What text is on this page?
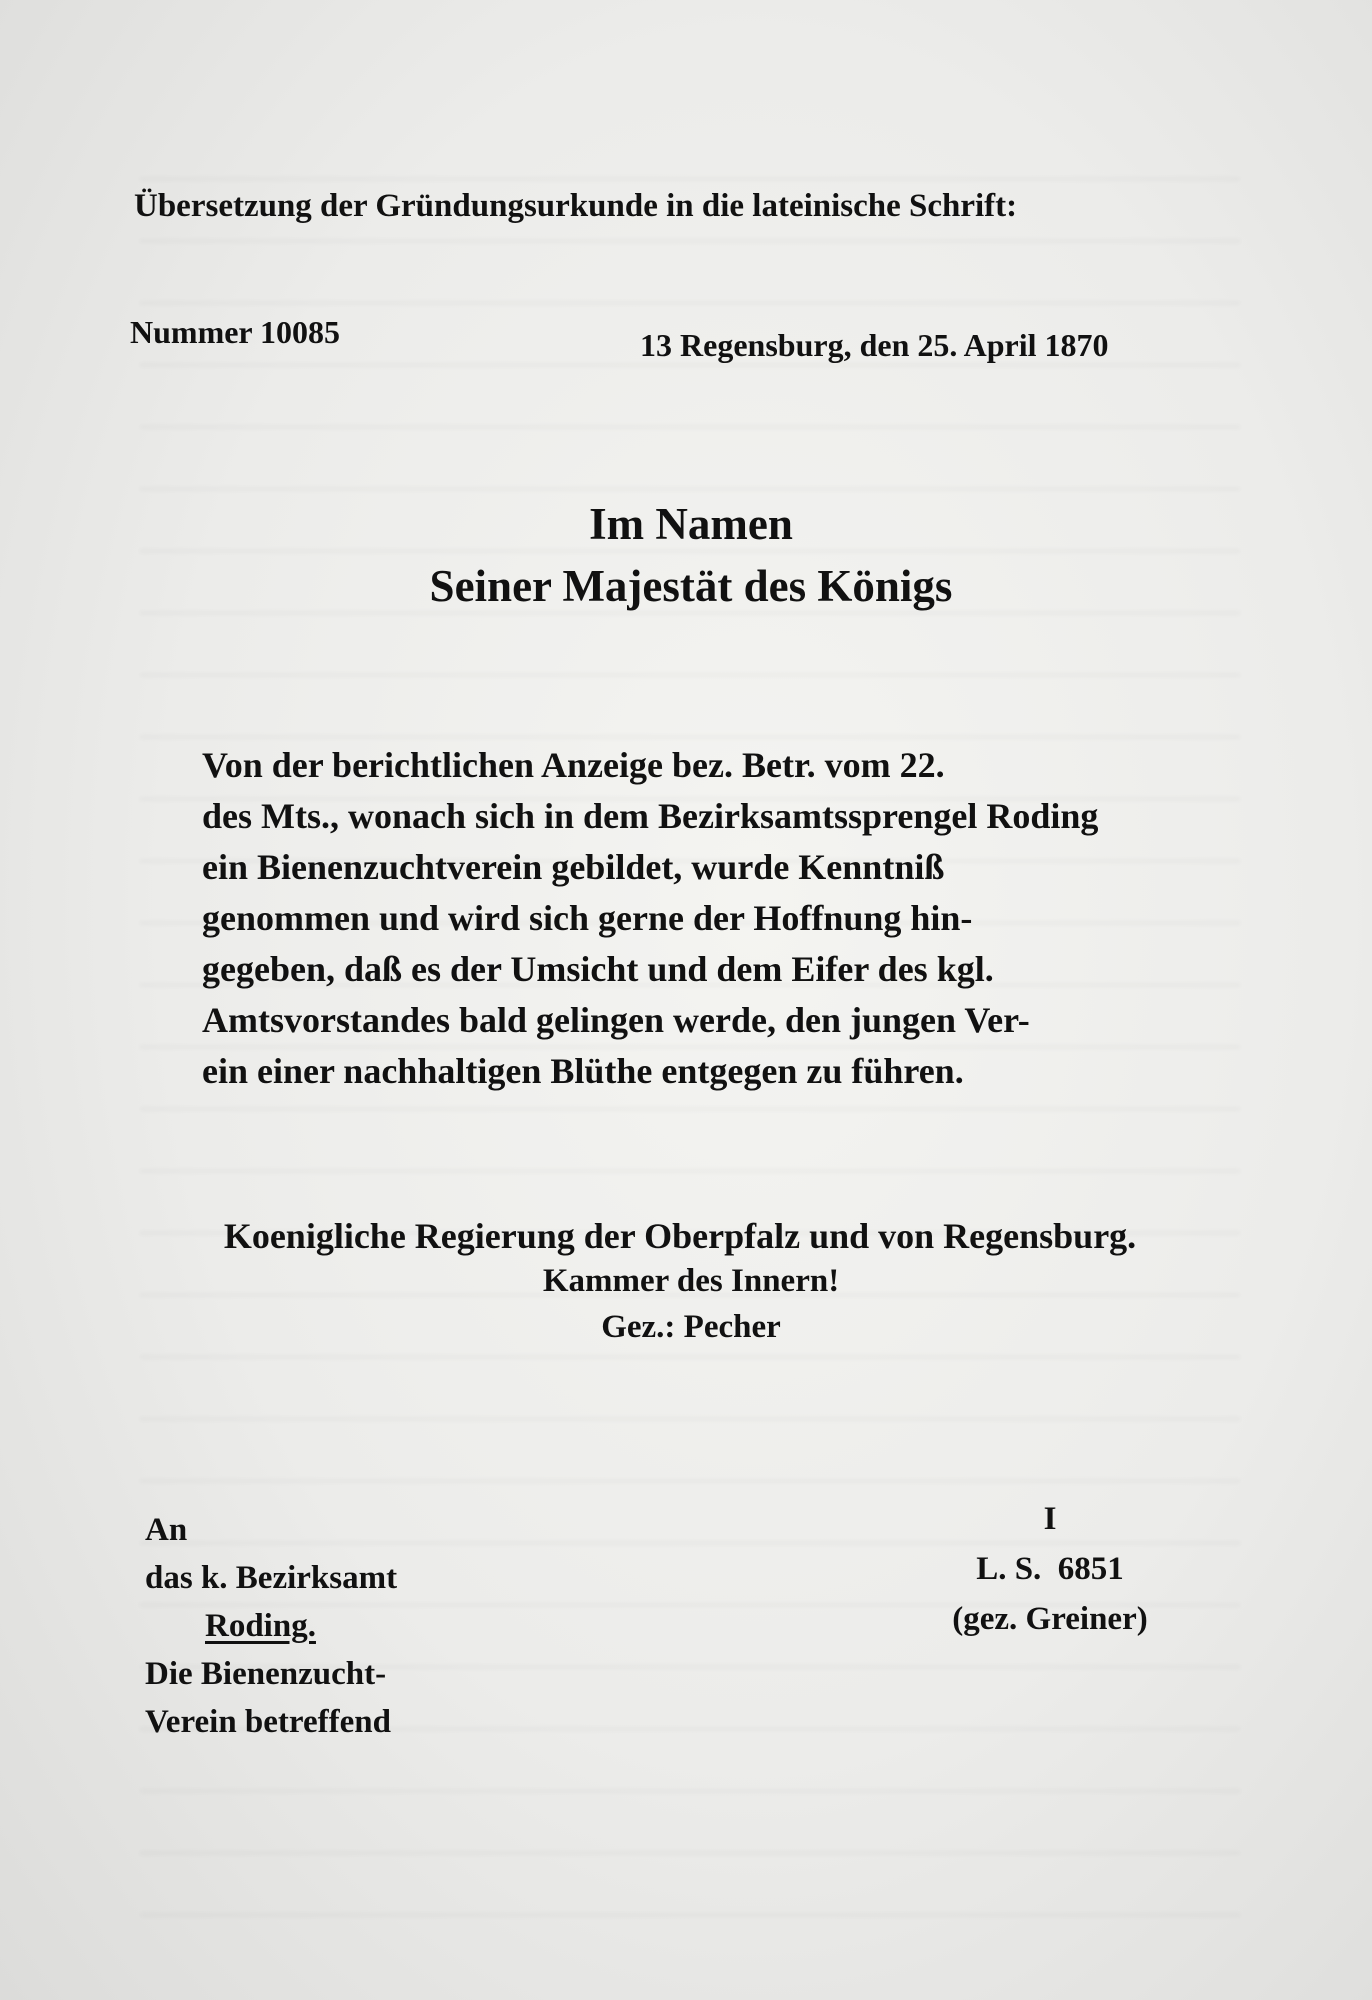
Übersetzung der Gründungsurkunde in die lateinische Schrift:
Nummer 10085	13 Regensburg, den 25. April 1870
Im Namen
Seiner Majestät des Königs
Von der berichtlichen Anzeige bez. Betr. vom 22.
des Mts., wonach sich in dem Bezirksamtssprengel Roding
ein Bienenzuchtverein gebildet, wurde Kenntniß
genommen und wird sich gerne der Hoffnung hin-
gegeben, daß es der Umsicht und dem Eifer des kgl.
Amtsvorstandes bald gelingen werde, den jungen Ver-
ein einer nachhaltigen Blüthe entgegen zu führen.
Koenigliche Regierung der Oberpfalz und von Regensburg.
Kammer des Innern!
Gez.: Pecher
An
das k. Bezirksamt
Roding.
Die Bienenzucht-
Verein betreffend
I
L. S.  6851
(gez. Greiner)
